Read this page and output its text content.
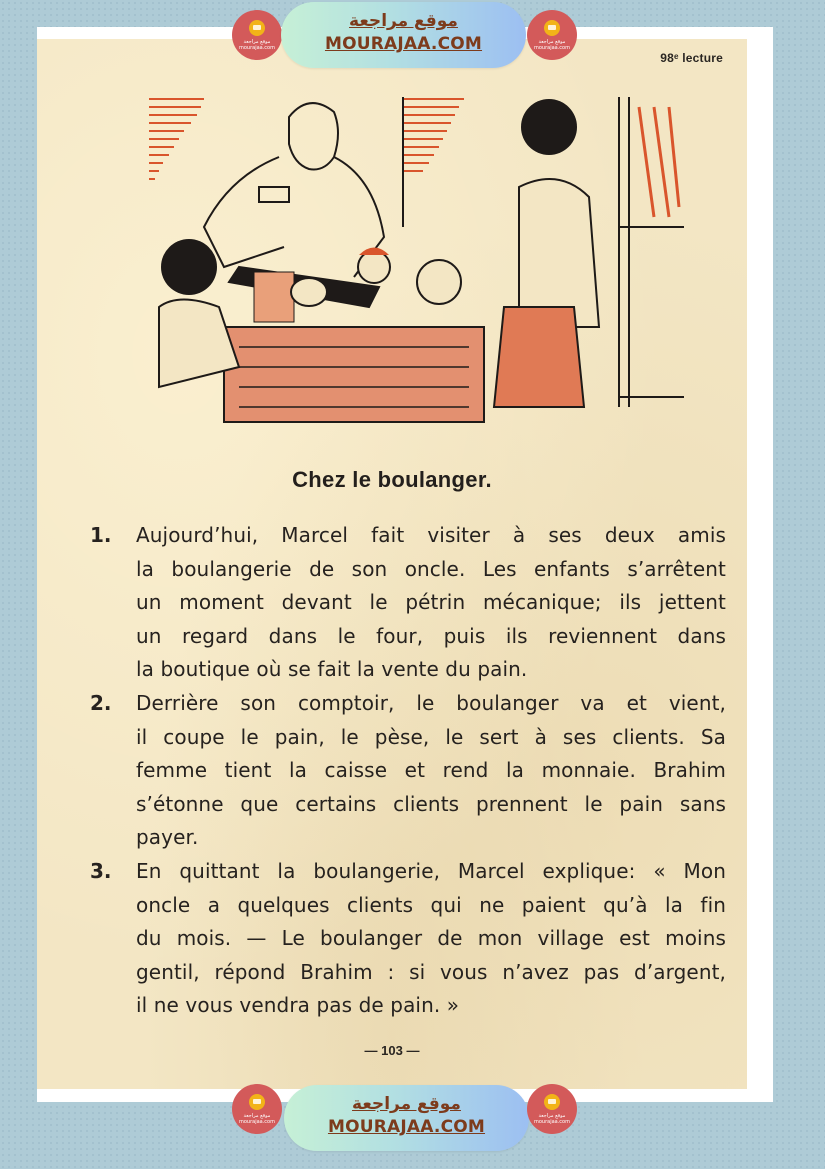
98ᵉ lecture
Chez le boulanger.
1. Aujourd’hui, Marcel fait visiter à ses deux amis
la boulangerie de son oncle. Les enfants s’arrêtent
un moment devant le pétrin mécanique; ils jettent
un regard dans le four, puis ils reviennent dans
la boutique où se fait la vente du pain.
2. Derrière son comptoir, le boulanger va et vient,
il coupe le pain, le pèse, le sert à ses clients. Sa
femme tient la caisse et rend la monnaie. Brahim
s’étonne que certains clients prennent le pain sans
payer.
3. En quittant la boulangerie, Marcel explique: « Mon
oncle a quelques clients qui ne paient qu’à la fin
du mois. — Le boulanger de mon village est moins
gentil, répond Brahim : si vous n’avez pas d’argent,
il ne vous vendra pas de pain. »
— 103 —
موقع مراجعة
mourajaa.com
موقع مراجعة
MOURAJAA.COM	موقع مراجعة
mourajaa.com
موقع مراجعة
mourajaa.com
موقع مراجعة
MOURAJAA.COM
موقع مراجعة
mourajaa.com
